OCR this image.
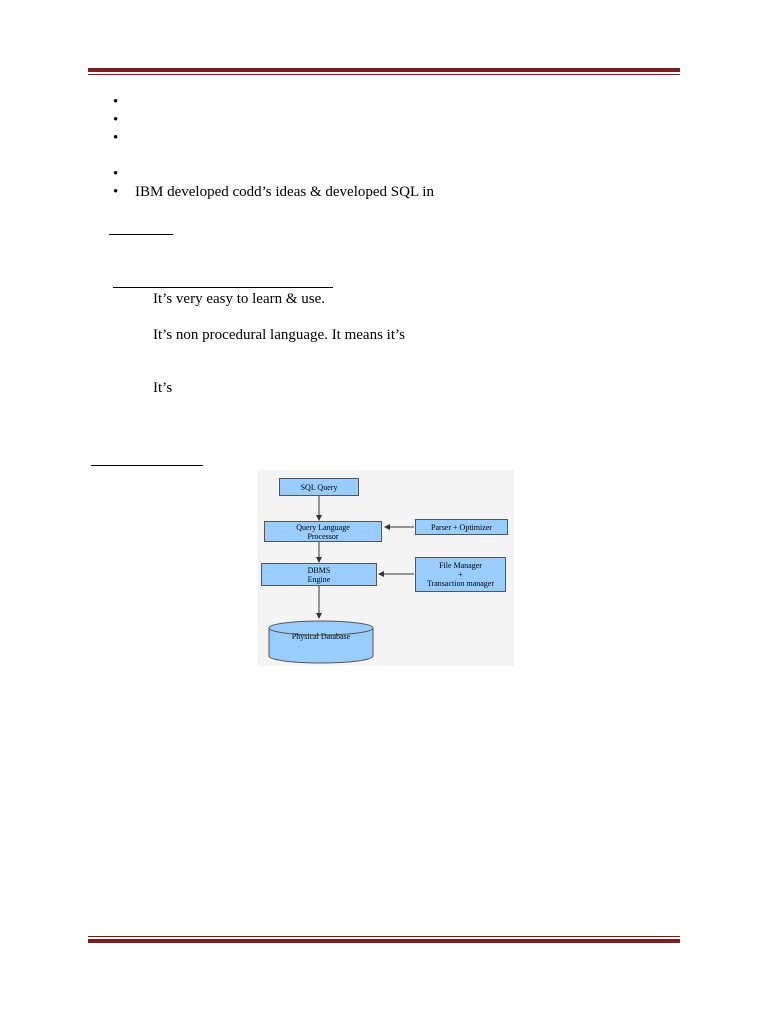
•
•
•
•
• IBM developed codd’s ideas & developed SQL in
It’s very easy to learn & use.
It’s non procedural language. It means it’s
It’s
SQL Query
Query Language
Processor
Parser + Optimizer
DBMS
Engine
File Manager
+
Transaction manager
Physical Database
